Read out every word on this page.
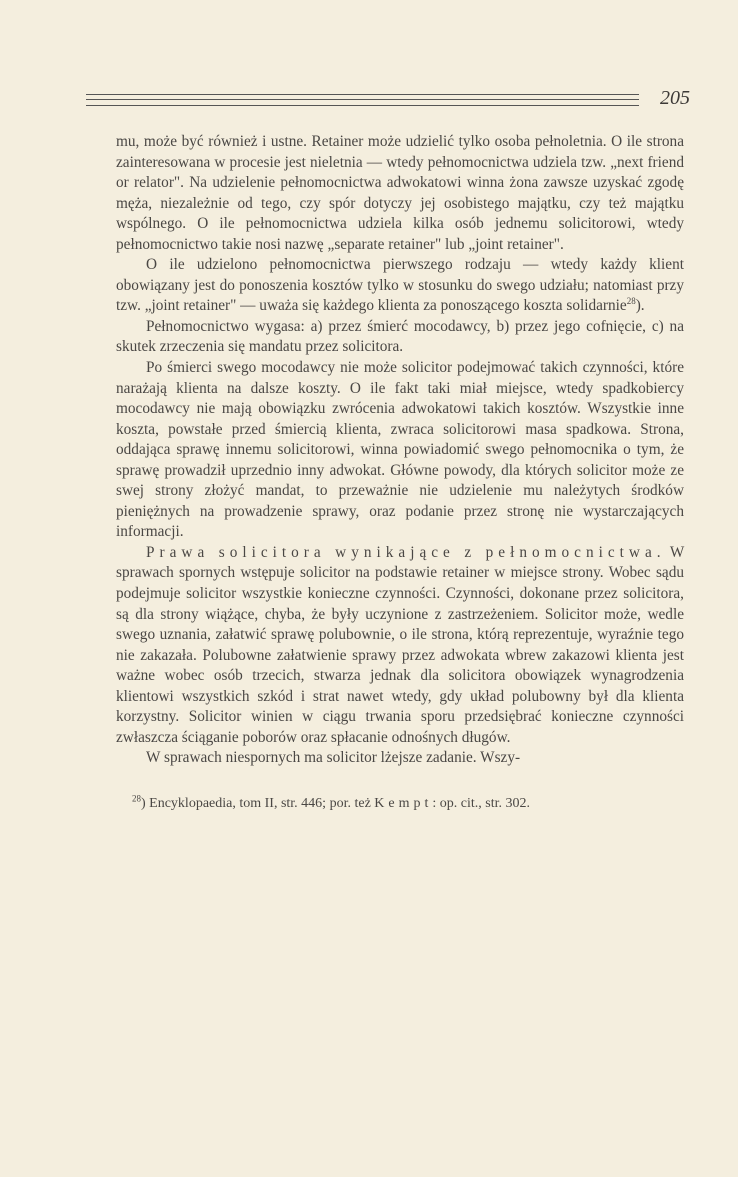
205

mu, może być również i ustne. Retainer może udzielić tylko osoba pełnoletnia. O ile strona zainteresowana w procesie jest nieletnia — wtedy pełnomocnictwa udziela tzw. „next friend or relator". Na udzielenie pełnomocnictwa adwokatowi winna żona zawsze uzyskać zgodę męża, niezależnie od tego, czy spór dotyczy jej osobistego majątku, czy też majątku wspólnego. O ile pełnomocnictwa udziela kilka osób jednemu solicitorowi, wtedy pełnomocnictwo takie nosi nazwę „separate retainer" lub „joint retainer".

O ile udzielono pełnomocnictwa pierwszego rodzaju — wtedy każdy klient obowiązany jest do ponoszenia kosztów tylko w stosunku do swego udziału; natomiast przy tzw. „joint retainer" — uważa się każdego klienta za ponoszącego koszta solidarnie$^{28}$).

Pełnomocnictwo wygasa: a) przez śmierć mocodawcy, b) przez jego cofnięcie, c) na skutek zrzeczenia się mandatu przez solicitora.

Po śmierci swego mocodawcy nie może solicitor podejmować takich czynności, które narażają klienta na dalsze koszty. O ile fakt taki miał miejsce, wtedy spadkobiercy mocodawcy nie mają obowiązku zwrócenia adwokatowi takich kosztów. Wszystkie inne koszta, powstałe przed śmiercią klienta, zwraca solicitorowi masa spadkowa. Strona, oddająca sprawę innemu solicitorowi, winna powiadomić swego pełnomocnika o tym, że sprawę prowadził uprzednio inny adwokat. Główne powody, dla których solicitor może ze swej strony złożyć mandat, to przeważnie nie udzielenie mu należytych środków pieniężnych na prowadzenie sprawy, oraz podanie przez stronę nie wystarczających informacji.

Prawa solicitora wynikające z pełnomocnictwa. W sprawach spornych wstępuje solicitor na podstawie retainer w miejsce strony. Wobec sądu podejmuje solicitor wszystkie konieczne czynności. Czynności, dokonane przez solicitora, są dla strony wiążące, chyba, że były uczynione z zastrzeżeniem. Solicitor może, wedle swego uznania, załatwić sprawę polubownie, o ile strona, którą reprezentuje, wyraźnie tego nie zakazała. Polubowne załatwienie sprawy przez adwokata wbrew zakazowi klienta jest ważne wobec osób trzecich, stwarza jednak dla solicitora obowiązek wynagrodzenia klientowi wszystkich szkód i strat nawet wtedy, gdy układ polubowny był dla klienta korzystny. Solicitor winien w ciągu trwania sporu przedsiębrać konieczne czynności zwłaszcza ściąganie poborów oraz spłacanie odnośnych długów.

W sprawach niespornych ma solicitor lżejsze zadanie. Wszy-

$^{28}$) Encyklopaedia, tom II, str. 446; por. też Kempt: op. cit., str. 302.
